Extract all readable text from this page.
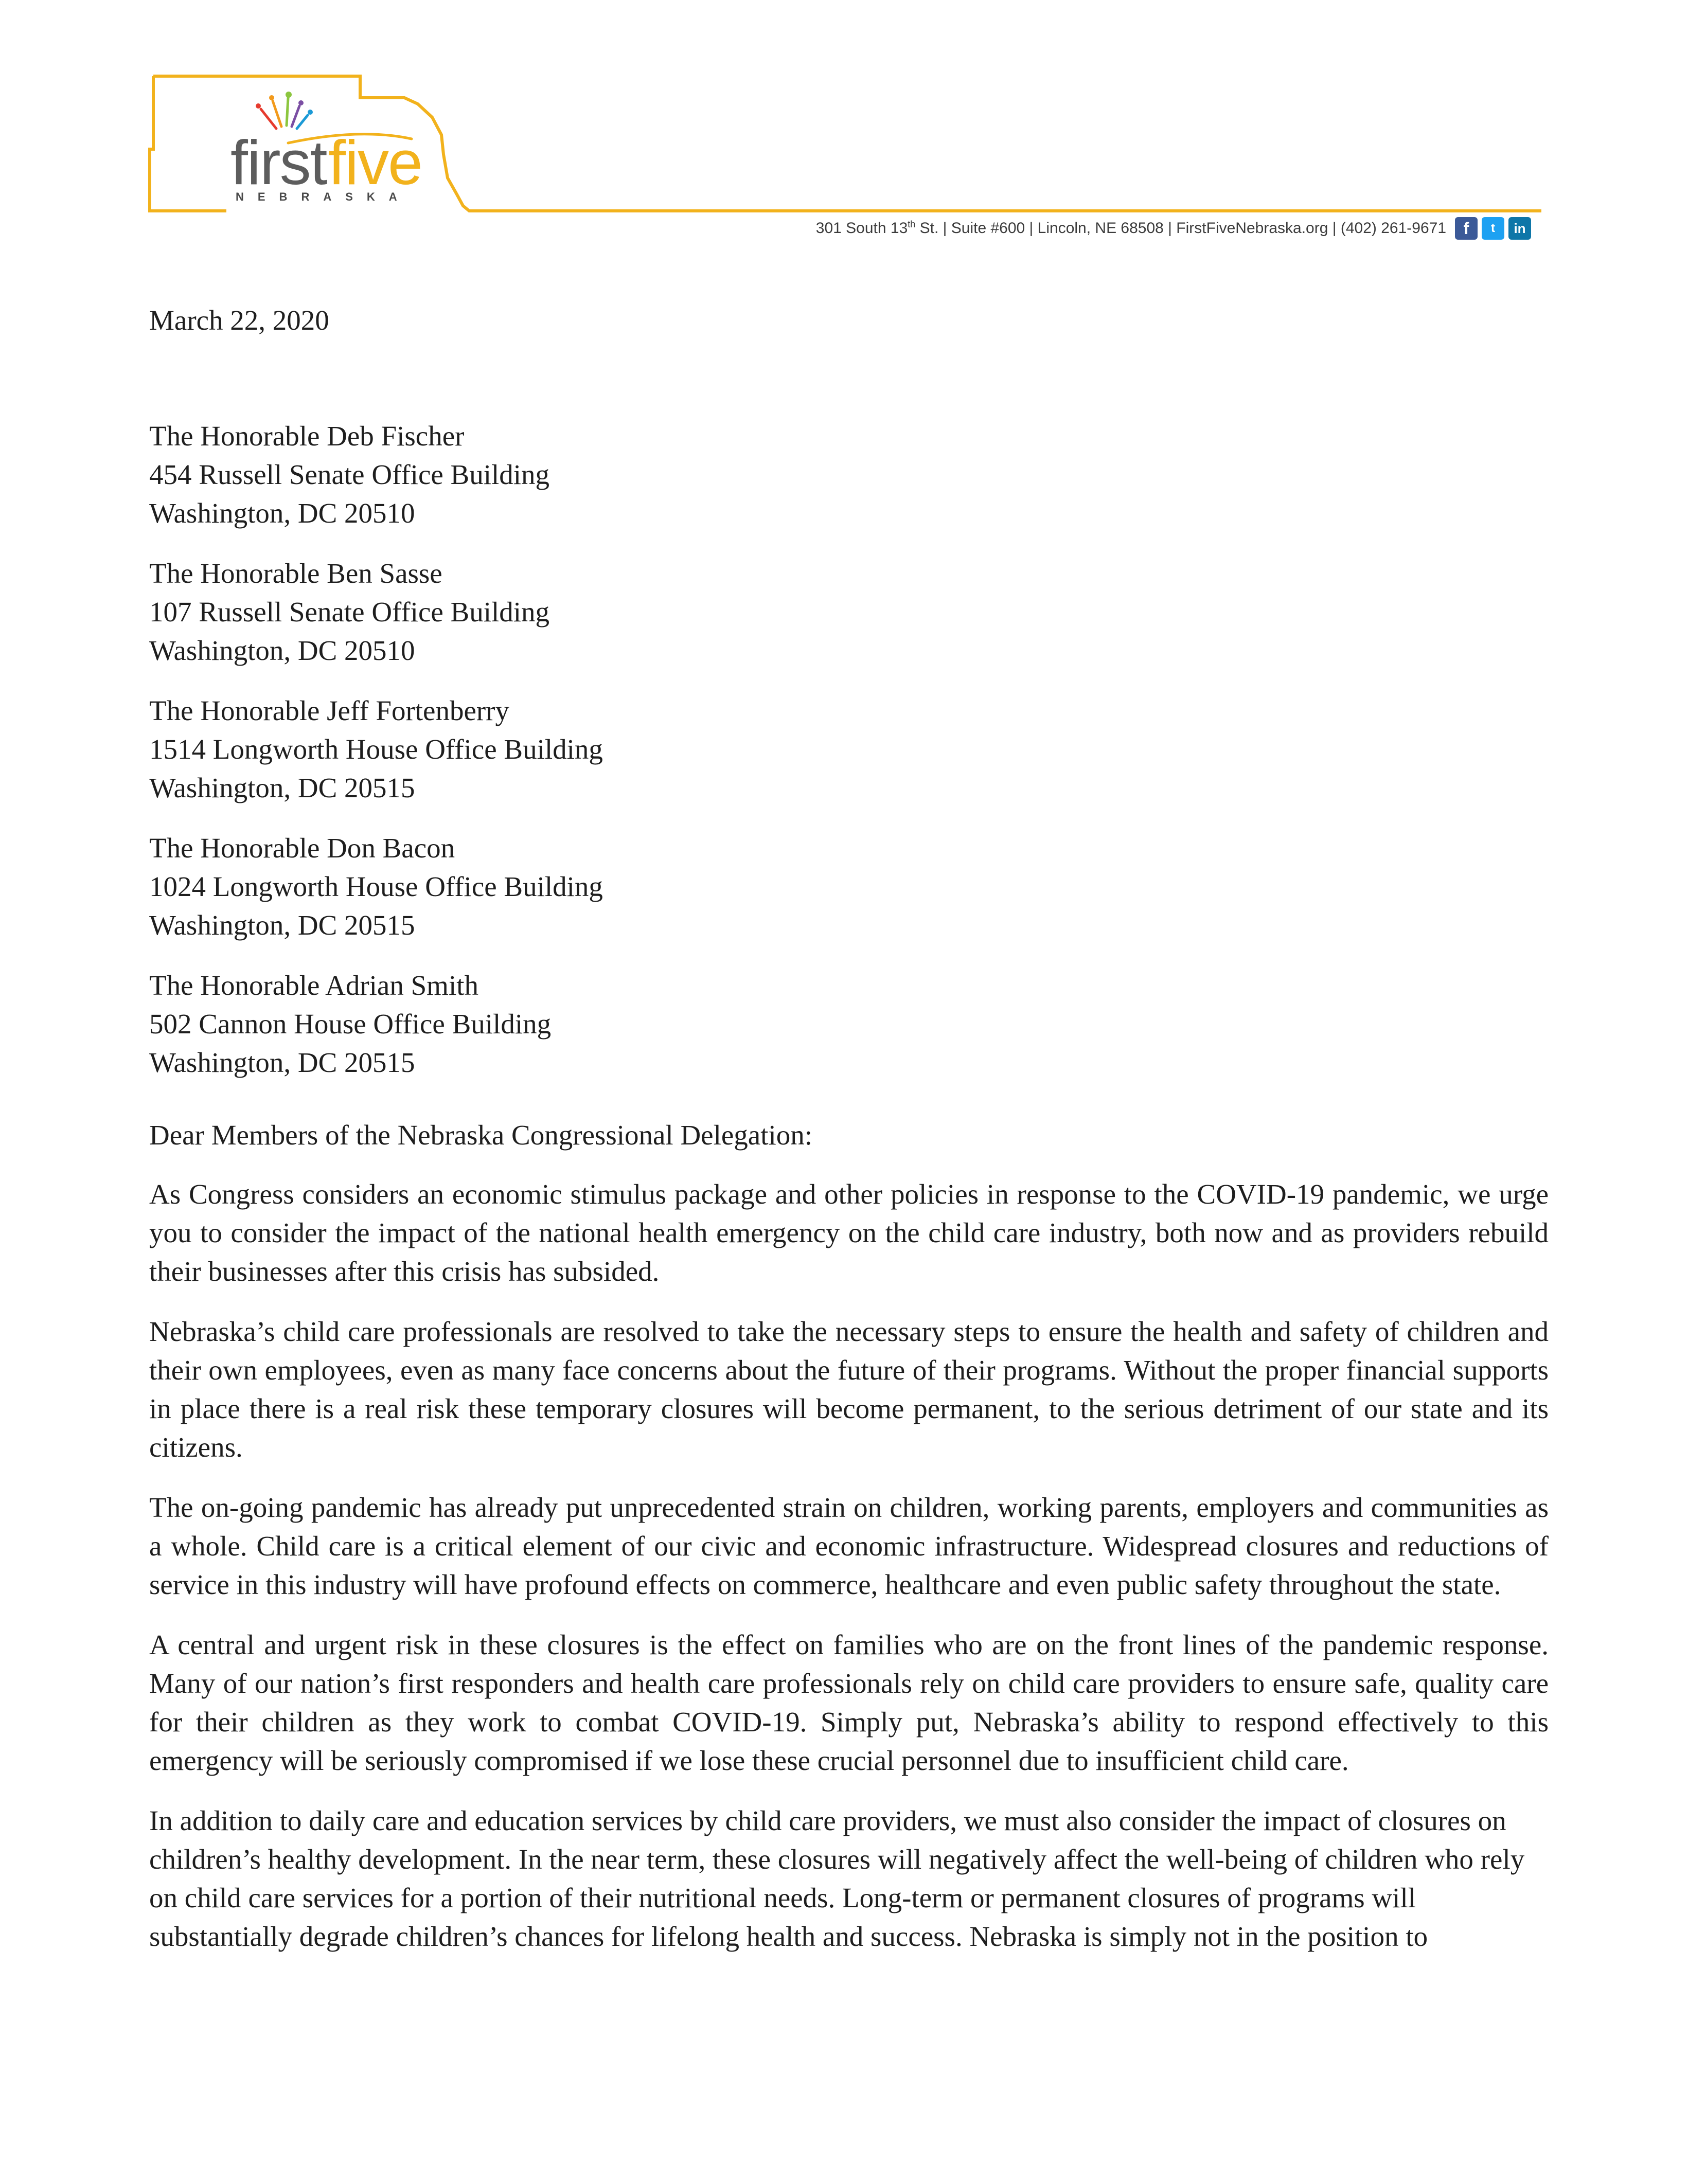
first five
NEBRASKA
301 South 13th St. | Suite #600 | Lincoln, NE 68508 | FirstFiveNebraska.org | (402) 261-9671	f	t	in

March 22, 2020

The Honorable Deb Fischer
454 Russell Senate Office Building
Washington, DC 20510
The Honorable Ben Sasse
107 Russell Senate Office Building
Washington, DC 20510
The Honorable Jeff Fortenberry
1514 Longworth House Office Building
Washington, DC 20515
The Honorable Don Bacon
1024 Longworth House Office Building
Washington, DC 20515
The Honorable Adrian Smith
502 Cannon House Office Building
Washington, DC 20515

Dear Members of the Nebraska Congressional Delegation:

As Congress considers an economic stimulus package and other policies in response to the COVID-19 pandemic, we urge you to consider the impact of the national health emergency on the child care industry, both now and as providers rebuild their businesses after this crisis has subsided.

Nebraska’s child care professionals are resolved to take the necessary steps to ensure the health and safety of children and their own employees, even as many face concerns about the future of their programs. Without the proper financial supports in place there is a real risk these temporary closures will become permanent, to the serious detriment of our state and its citizens.

The on-going pandemic has already put unprecedented strain on children, working parents, employers and communities as a whole. Child care is a critical element of our civic and economic infrastructure. Widespread closures and reductions of service in this industry will have profound effects on commerce, healthcare and even public safety throughout the state.

A central and urgent risk in these closures is the effect on families who are on the front lines of the pandemic response. Many of our nation’s first responders and health care professionals rely on child care providers to ensure safe, quality care for their children as they work to combat COVID-19. Simply put, Nebraska’s ability to respond effectively to this emergency will be seriously compromised if we lose these crucial personnel due to insufficient child care.

In addition to daily care and education services by child care providers, we must also consider the impact of closures on children’s healthy development. In the near term, these closures will negatively affect the well-being of children who rely on child care services for a portion of their nutritional needs. Long-term or permanent closures of programs will substantially degrade children’s chances for lifelong health and success. Nebraska is simply not in the position to
